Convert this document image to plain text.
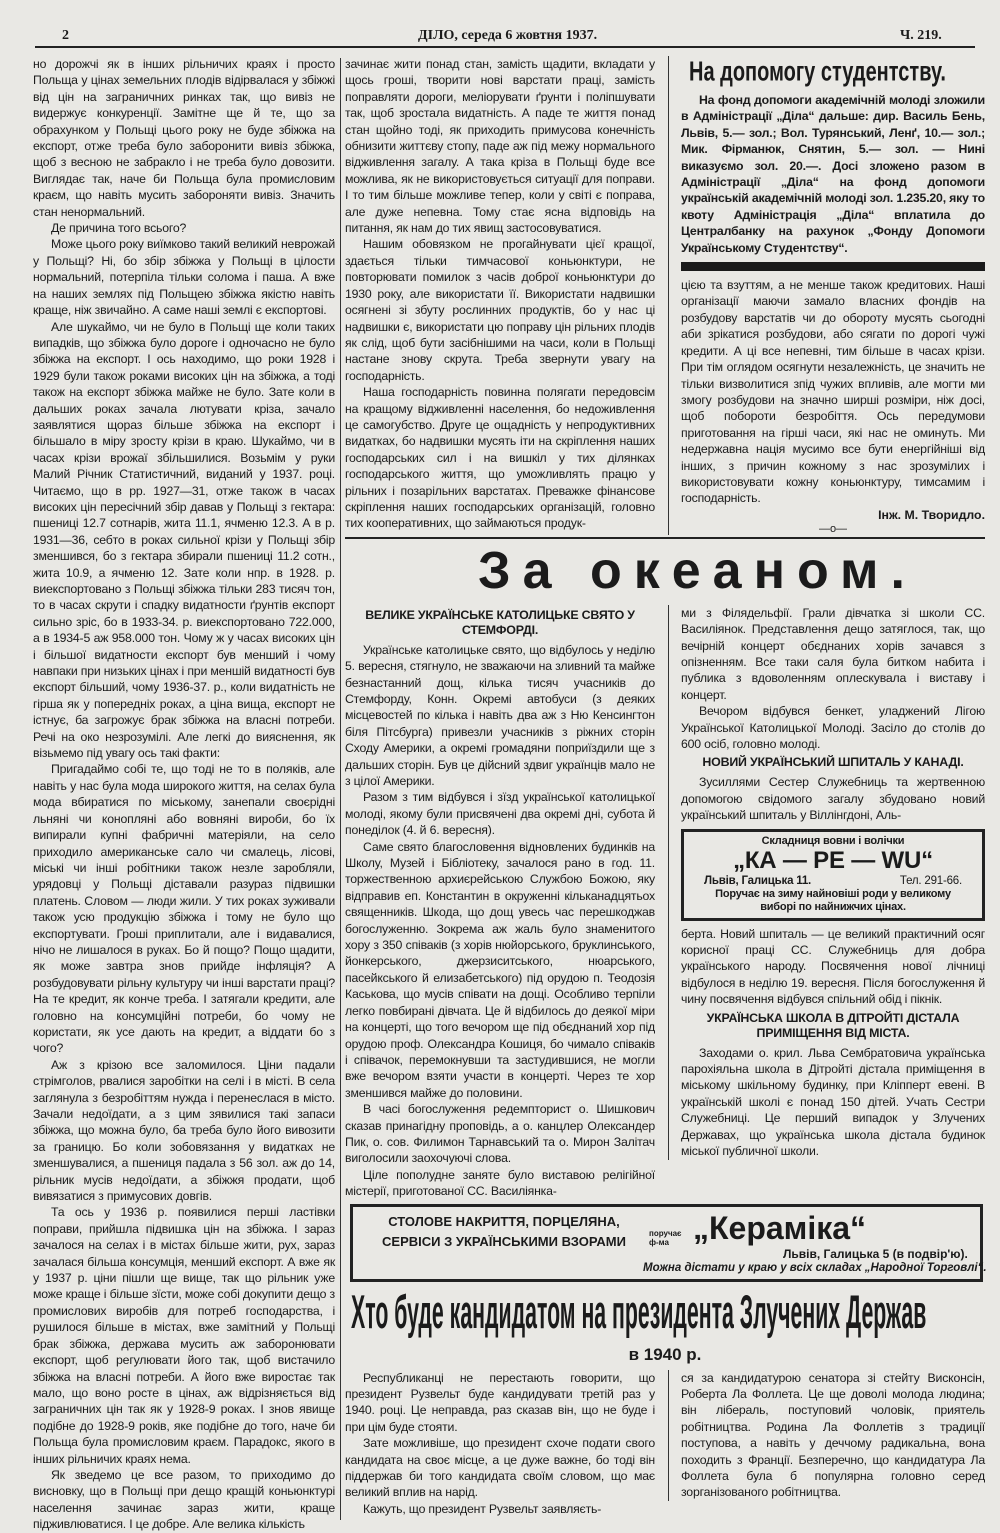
2	ДІЛО, середа 6 жовтня 1937.	Ч. 219.

но дорожчі як в інших рільничих краях і просто Польща у цінах земельних плодів відірвалася у збіжжі від цін на заграничних ринках так, що вивіз не видержує конкуренції. Замітне ще й те, що за обрахунком у Польщі цього року не буде збіжжа на експорт, отже треба було заборонити вивіз збіжжа, щоб з весною не забракло і не треба було довозити. Виглядає так, наче би Польща була промисловим краєм, що навіть мусить забороняти вивіз. Значить стан ненормальний.

Де причина того всього?

Може цього року виїмково такий великий неврожай у Польщі? Ні, бо збір збіжжа у Польщі в цілости нормальний, потерпіла тільки солома і паша. А вже на наших землях під Польщею збіжжа якістю навіть краще, ніж звичайно. А саме наші землі є експортові.

Але шукаймо, чи не було в Польщі ще коли таких випадків, що збіжжа було дороге і одночасно не було збіжжа на експорт. І ось находимо, що роки 1928 і 1929 були також роками високих цін на збіжжа, а тоді також на експорт збіжжа майже не було. Зате коли в дальших роках зачала лютувати кріза, зачало заявлятися щораз більше збіжжа на експорт і більшало в міру зросту крізи в краю. Шукаймо, чи в часах крізи врожаї збільшилися. Возьмім у руки Малий Річник Статистичний, виданий у 1937. році. Читаємо, що в рр. 1927—31, отже також в часах високих цін пересічний збір давав у Польщі з гектара: пшениці 12.7 сотнарів, жита 11.1, ячменю 12.3. А в р. 1931—36, себто в роках сильної крізи у Польщі збір зменшився, бо з гектара збирали пшениці 11.2 сотн., жита 10.9, а ячменю 12. Зате коли нпр. в 1928. р. виекспортовано з Польщі збіжжа тільки 283 тисяч тон, то в часах скрути і спадку видатности ґрунтів експорт сильно зріс, бо в 1933-34. р. виекспортовано 722.000, а в 1934-5 аж 958.000 тон. Чому ж у часах високих цін і більшої видатности експорт був менший і чому навпаки при низьких цінах і при меншій видатності був експорт більший, чому 1936-37. р., коли видатність не гірша як у попередніх роках, а ціна вища, експорт не істнує, ба загрожує брак збіжжа на власні потреби. Речі на око незрозумілі. Але легкі до вияснення, як візьмемо під увагу ось такі факти:

Пригадаймо собі те, що тоді не то в поляків, але навіть у нас була мода широкого життя, на селах була мода вбиратися по міському, занепали своєрідні льняні чи конопляні або вовняні вироби, бо їх випирали купні фабричні матеріяли, на село приходило американське сало чи смалець, лісові, міські чи інші робітники також незле заробляли, урядовці у Польщі діставали разураз підвишки платень. Словом — люди жили. У тих роках зуживали також усю продукцію збіжжа і тому не було що експортувати. Гроші приплитали, але і видавалися, нічо не лишалося в руках. Бо й пощо? Пощо щадити, як може завтра знов прийде інфляція? А розбудовувати рільну культуру чи інші варстати праці? На те кредит, як конче треба. І затягали кредити, але головно на консумційні потреби, бо чому не користати, як усе дають на кредит, а віддати бо з чого?

Аж з крізою все заломилося. Ціни падали стрімголов, рвалися заробітки на селі і в місті. В села заглянула з безробіттям нужда і перенеслася в місто. Зачали недоїдати, а з цим зявилися такі запаси збіжжа, що можна було, ба треба було його вивозити за границю. Бо коли зобовязання у видатках не зменшувалися, а пшениця падала з 56 зол. аж до 14, рільник мусів недоїдати, а збіжжя продати, щоб вивязатися з примусових довгів.

Та ось у 1936 р. появилися перші ластівки поправи, прийшла підвишка цін на збіжжа. І зараз зачалося на селах і в містах більше жити, рух, зараз зачалася більша консумція, менший експорт. А вже як у 1937 р. ціни пішли ще вище, так що рільник уже може краще і більше зїсти, може собі докупити дещо з промислових виробів для потреб господарства, і рушилося більше в містах, вже замітний у Польщі брак збіжжа, держава мусить аж заборонювати експорт, щоб регулювати його так, щоб вистачило збіжжа на власні потреби. А його вже виростає так мало, що воно росте в цінах, аж відрізняється від заграничних цін так як у 1928-9 роках. І знов явище подібне до 1928-9 років, яке подібне до того, наче би Польща була промисловим краєм. Парадокс, якого в інших рільничих краях нема.

Як зведемо це все разом, то приходимо до висновку, що в Польщі при дещо кращій коньюнктурі населення зачинає зараз жити, краще підживлюватися. І це добре. Але велика кількість

зачинає жити понад стан, замість щадити, вкладати у щось гроші, творити нові варстати праці, замість поправляти дороги, меліорувати ґрунти і поліпшувати так, щоб зростала видатність. А паде те життя понад стан щойно тоді, як приходить примусова конечність обнизити життєву стопу, паде аж під межу нормального відживлення загалу. А така кріза в Польщі буде все можлива, як не використовується ситуації для поправи. І то тим більше можливе тепер, коли у світі є поправа, але дуже непевна. Тому стає ясна відповідь на питання, як нам до тих явищ застосовуватися.

Нашим обовязком не прогайнувати цієї кращої, здається тільки тимчасової коньюнктури, не повторювати помилок з часів доброї коньюнктури до 1930 року, але використати її. Використати надвишки осягнені зі збуту рослинних продуктів, бо у нас ці надвишки є, використати цю поправу цін рільних плодів як слід, щоб бути засібнішими на часи, коли в Польщі настане знову скрута. Треба звернути увагу на господарність.

Наша господарність повинна полягати передовсім на кращому відживленні населення, бо недоживлення це самогубство. Друге це ощадність у непродуктивних видатках, бо надвишки мусять іти на скріплення наших господарських сил і на вишкіл у тих ділянках господарського життя, що уможливлять працю у рільних і позарільних варстатах. Преважке фінансове скріплення наших господарських організацій, головно тих кооперативних, що займаються продук-

На допомогу студентству.

На фонд допомоги академічній молоді зложили в Адміністрації „Діла“ дальше: дир. Василь Бень, Львів, 5.— зол.; Вол. Турянський, Ленґ, 10.— зол.; Мик. Фірманюк, Снятин, 5.— зол. — Нині виказуємо зол. 20.—. Досі зложено разом в Адміністрації „Діла“ на фонд допомоги українській академічній молоді зол. 1.235.20, яку то квоту Адміністрація „Діла“ вплатила до Централбанку на рахунок „Фонду Допомоги Українському Студентству“.

цією та взуттям, а не менше також кредитових. Наші організації маючи замало власних фондів на розбудову варстатів чи до обороту мусять сьогодні аби зрікатися розбудови, або сягати по дорогі чужі кредити. А ці все непевні, тим більше в часах крізи. При тім оглядом осягнути незалежність, це значить не тільки визволитися зпід чужих впливів, але могти ми змогу розбудови на значно ширші розміри, ніж досі, щоб побороти безробіття. Ось передумови приготовання на гірші часи, які нас не оминуть. Ми недержавна нація мусимо все бути енергійніші від інших, з причин кожному з нас зрозумілих і використовувати кожну коньюнктуру, тимсамим і господарність.

Інж. М. Творидло.
—o—
За океаном.
ВЕЛИКЕ УКРАЇНСЬКЕ КАТОЛИЦЬКЕ СВЯТО У СТЕМФОРДІ.

Українське католицьке свято, що відбулось у неділю 5. вересня, стягнуло, не зважаючи на зливний та майже безнастанний дощ, кілька тисяч учасників до Стемфорду, Конн. Окремі автобуси (з деяких місцевостей по кілька і навіть два аж з Ню Кенсингтон біля Пітсбурга) привезли учасників з ріжних сторін Сходу Америки, а окремі громадяни поприїздили ще з дальших сторін. Був це дійсний здвиг українців мало не з цілої Америки.

Разом з тим відбувся і зїзд української католицької молоді, якому були присвячені два окремі дні, субота й понеділок (4. й 6. вересня).

Саме свято благословення відновлених будинків на Школу, Музей і Бібліотеку, зачалося рано в год. 11. торжественною архиєрейською Службою Божою, яку відправив еп. Константин в окруженні кільканадцятьох священників. Шкода, що дощ увесь час перешкоджав богослуженню. Зокрема аж жаль було знаменитого хору з 350 співаків (з хорів нюйорського, бруклинського, йонкерського, джерзиситського, нюарського, пасейкського й елизабетського) під орудою п. Теодозія Каськова, що мусів співати на дощі. Особливо терпіли легко повбирані дівчата. Це й відбилось до деякої міри на концерті, що того вечором ще під обєднаний хор під орудою проф. Олександра Кошиця, бо чимало співаків і співачок, перемокнувши та застудившися, не могли вже вечором взяти участи в концерті. Через те хор зменшився майже до половини.

В часі богослуження редемпторист о. Шишкович сказав принагідну проповідь, а о. канцлер Олександер Пик, о. сов. Филимон Тарнавський та о. Мирон Залітач виголосили заохочуючі слова.

Ціле пополудне заняте було виставою релігійної містерії, приготованої СС. Василіянка-

ми з Філядельфії. Грали дівчатка зі школи СС. Василіянок. Представлення дещо затяглося, так, що вечірній концерт обєднаних хорів зачався з опізненням. Все таки саля була битком набита і публика з вдоволенням оплескувала і виставу і концерт.

Вечором відбувся бенкет, уладжений Лігою Української Католицької Молоді. Засіло до столів до 600 осіб, головно молоді.

НОВИЙ УКРАЇНСЬКИЙ ШПИТАЛЬ У КАНАДІ.

Зусиллями Сестер Служебниць та жертвенною допомогою свідомого загалу збудовано новий український шпиталь у Віллінгдоні, Аль-

Складниця вовни і волічки
„КА — РЕ — WU“
Львів, Галицька 11.	Тел. 291-66.
Поручає на зиму найновіші роди у великому виборі по найнижчих цінах.

берта. Новий шпиталь — це великий практичний осяг корисної праці СС. Служебниць для добра українського народу. Посвячення нової лічниці відбулося в неділю 19. вересня. Після богослуження й чину посвячення відбувся спільний обід і пікнік.

УКРАЇНСЬКА ШКОЛА В ДІТРОЙТІ ДІСТАЛА ПРИМІЩЕННЯ ВІД МІСТА.

Заходами о. крил. Льва Сембратовича українська парохіяльна школа в Дітройті дістала приміщення в міському шкільному будинку, при Кліпперт евені. В українській школі є понад 150 дітей. Учать Сестри Служебниці. Це перший випадок у Злучених Державах, що українська школа дістала будинок міської публичної школи.

СТОЛОВЕ НАКРИТТЯ, ПОРЦЕЛЯНА,
СЕРВІСИ З УКРАЇНСЬКИМИ ВЗОРАМИ
поручає ф-ма „Кераміка“
Львів, Галицька 5 (в подвір'ю).
Можна дістати у краю у всіх складах „Народної Торговлі“.
Хто буде кандидатом на президента Злучених Держав
в 1940 р.

Республиканці не перестають говорити, що президент Рузвельт буде кандидувати третій раз у 1940. році. Це неправда, раз сказав він, що не буде і при цім буде стояти.

Зате можливіше, що президент схоче подати свого кандидата на своє місце, а це дуже важне, бо тоді він піддержав би того кандидата своїм словом, що має великий вплив на нарід.

Кажуть, що президент Рузвельт заявляєть-

ся за кандидатурою сенатора зі стейту Висконсін, Роберта Ла Фоллета. Це ще доволі молода людина; він лібераль, поступовий чоловік, приятель робітництва. Родина Ла Фоллетів з традиції поступова, а навіть у деччому радикальна, вона походить з Франції. Безперечно, що кандидатура Ла Фоллета була б популярна головно серед зорганізованого робітництва.
